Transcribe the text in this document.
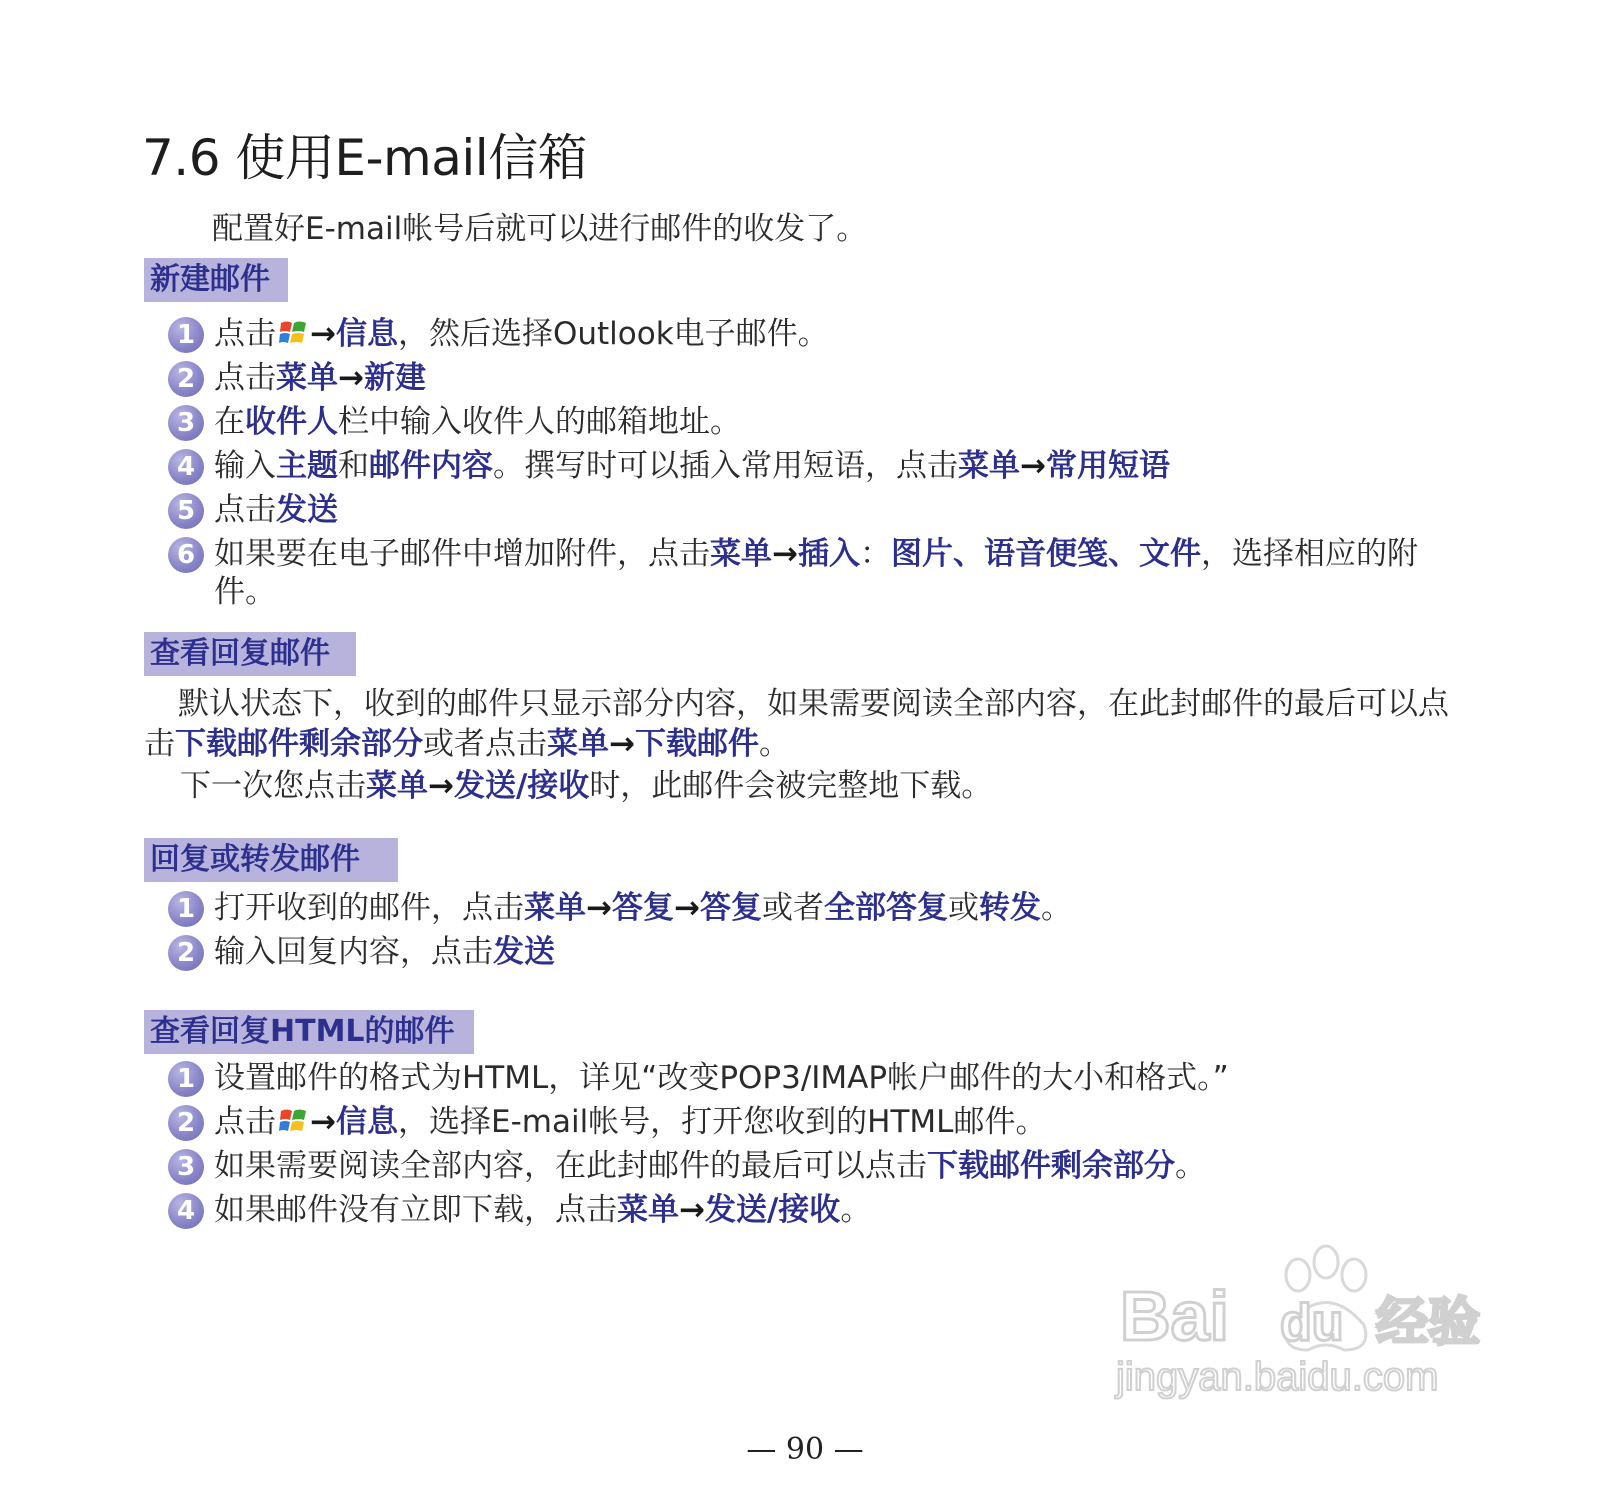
7.6 使用E-mail信箱

配置好E-mail帐号后就可以进行邮件的收发了。

新建邮件
1 点击 →信息，然后选择Outlook电子邮件。
2 点击菜单→新建
3 在收件人栏中输入收件人的邮箱地址。
4 输入主题和邮件内容。撰写时可以插入常用短语，点击菜单→常用短语
5 点击发送
6 如果要在电子邮件中增加附件，点击菜单→插入：图片、语音便笺、文件，选择相应的附件。
查看回复邮件

默认状态下，收到的邮件只显示部分内容，如果需要阅读全部内容，在此封邮件的最后可以点击下载邮件剩余部分或者点击菜单→下载邮件。

下一次您点击菜单→发送/接收时，此邮件会被完整地下载。

回复或转发邮件
1 打开收到的邮件，点击菜单→答复→答复或者全部答复或转发。
2 输入回复内容，点击发送
查看回复HTML的邮件
1 设置邮件的格式为HTML，详见“改变POP3/IMAP帐户邮件的大小和格式。”
2 点击 →信息，选择E-mail帐号，打开您收到的HTML邮件。
3 如果需要阅读全部内容，在此封邮件的最后可以点击下载邮件剩余部分。
4 如果邮件没有立即下载，点击菜单→发送/接收。
Bai du 经验
jingyan.baidu.com
— 90 —
